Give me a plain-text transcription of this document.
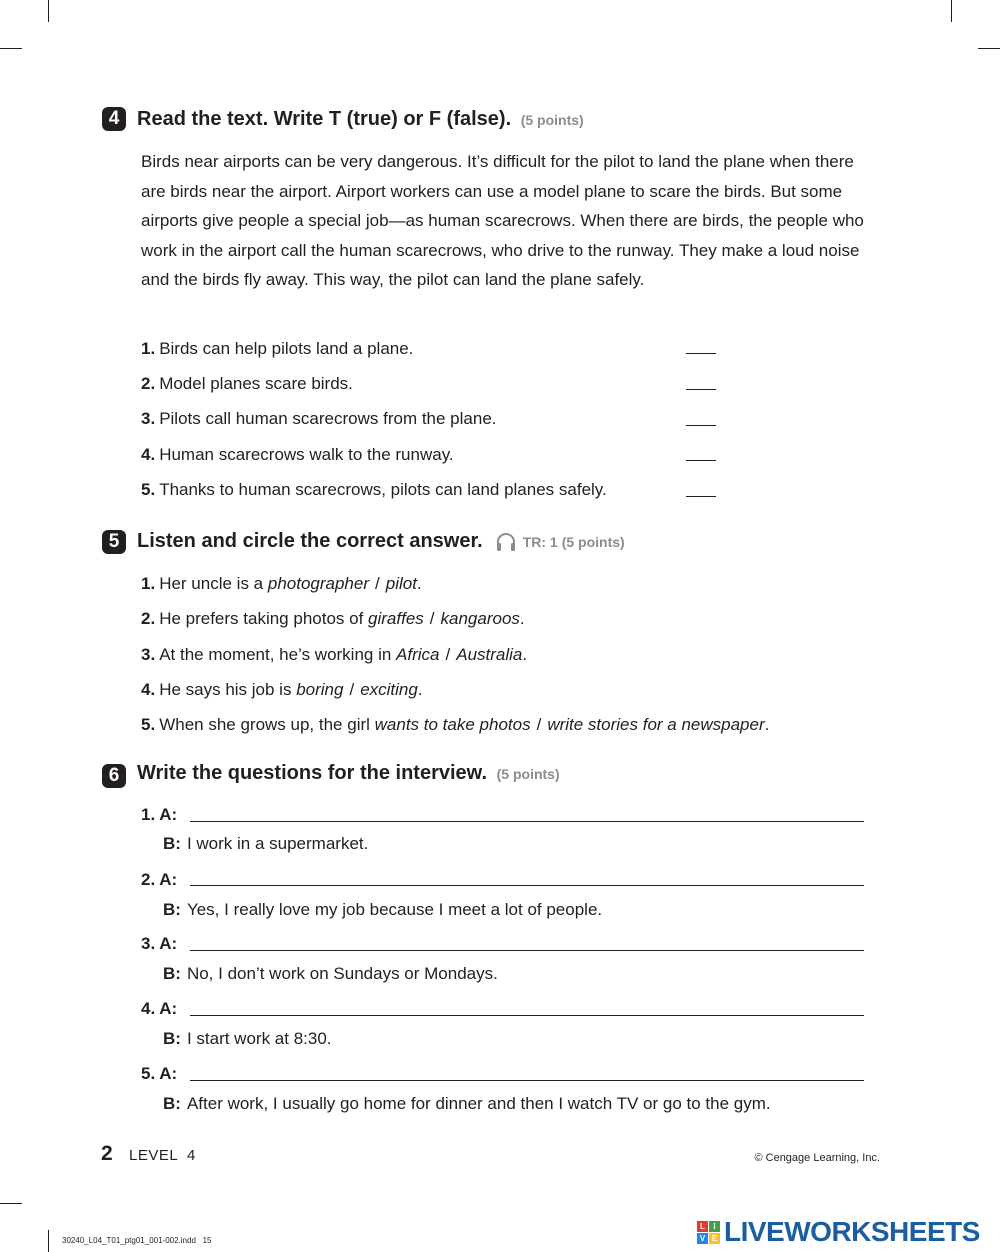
4 Read the text. Write T (true) or F (false). (5 points)
Birds near airports can be very dangerous. It’s difficult for the pilot to land the plane when there are birds near the airport. Airport workers can use a model plane to scare the birds. But some airports give people a special job—as human scarecrows. When there are birds, the people who work in the airport call the human scarecrows, who drive to the runway. They make a loud noise and the birds fly away. This way, the pilot can land the plane safely.
1. Birds can help pilots land a plane.
2. Model planes scare birds.
3. Pilots call human scarecrows from the plane.
4. Human scarecrows walk to the runway.
5. Thanks to human scarecrows, pilots can land planes safely.
5 Listen and circle the correct answer.	TR: 1 (5 points)
1. Her uncle is a photographer / pilot.
2. He prefers taking photos of giraffes / kangaroos.
3. At the moment, he’s working in Africa / Australia.
4. He says his job is boring / exciting.
5. When she grows up, the girl wants to take photos / write stories for a newspaper.
6 Write the questions for the interview. (5 points)
1. A:
B: I work in a supermarket.
2. A:
B: Yes, I really love my job because I meet a lot of people.
3. A:
B: No, I don’t work on Sundays or Mondays.
4. A:
B: I start work at 8:30.
5. A:
B: After work, I usually go home for dinner and then I watch TV or go to the gym.
2 LEVEL  4	© Cengage Learning, Inc.
30240_L04_T01_ptg01_001-002.indd   15
L	I
V E LIVEWORKSHEETS
